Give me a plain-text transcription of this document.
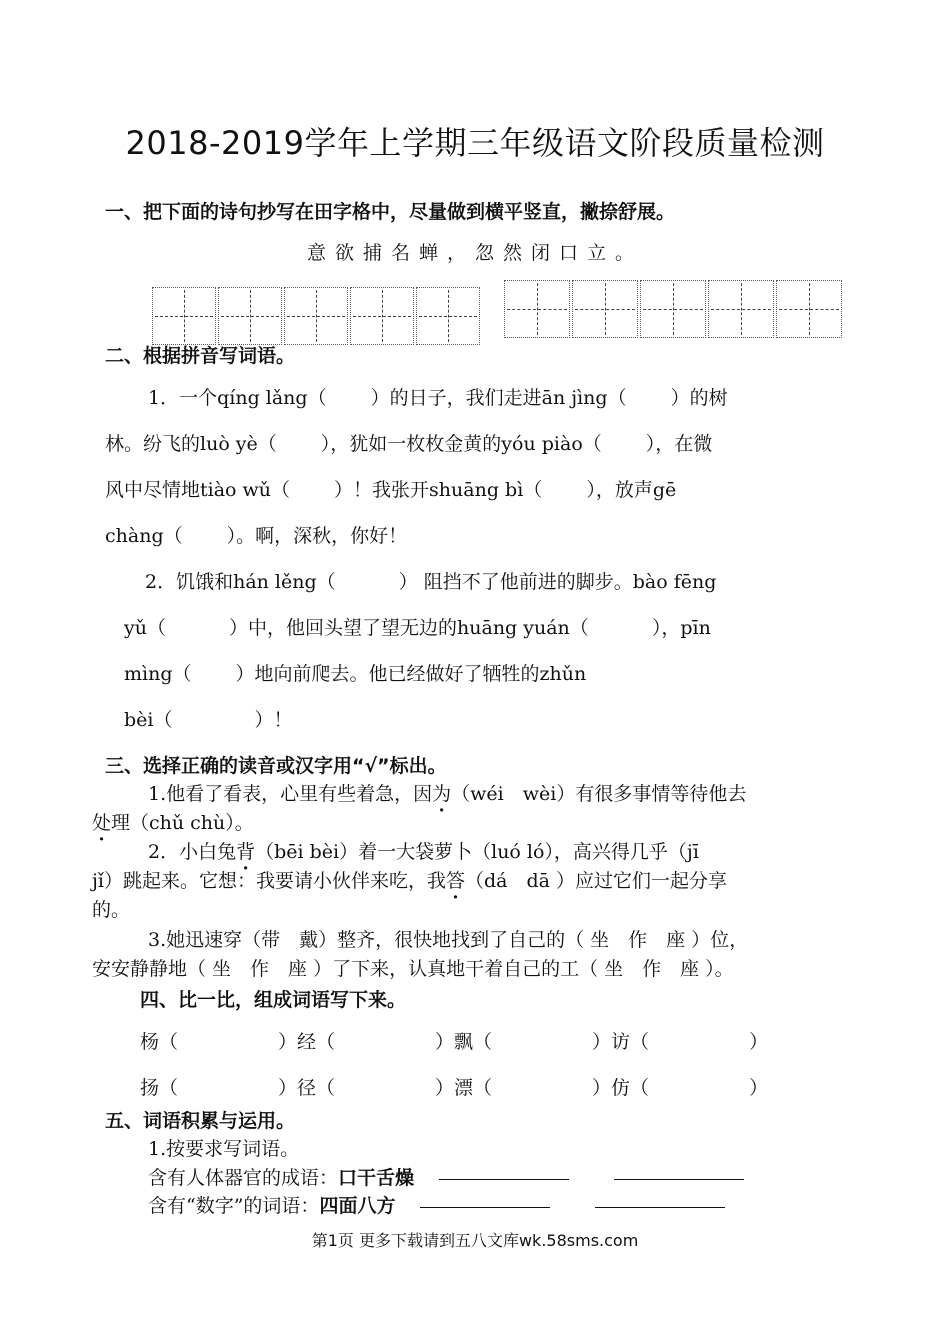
2018-2019学年上学期三年级语文阶段质量检测
一、把下面的诗句抄写在田字格中，尽量做到横平竖直，撇捺舒展。
意欲捕名蝉，忽然闭口立。
二、根据拼音写词语。
1．一个qíng lǎng（　　 ）的日子，我们走进ān jìng（　　 ）的树
林。纷飞的luò yè（　　 ），犹如一枚枚金黄的yóu piào（　　 ），在微
风中尽情地tiào wǔ（　　 ）！我张开shuāng bì（　　 ），放声gē
chàng（　　 ）。啊，深秋，你好！
2．饥饿和hán lěng（　　　 ） 阻挡不了他前进的脚步。bào fēng
yǔ（　　　 ）中，他回头望了望无边的huāng yuán（　　　 ），pīn
mìng（　　 ）地向前爬去。他已经做好了牺牲的zhǔn
bèi（　　　　 ）！
三、选择正确的读音或汉字用“√”标出。
1.他看了看表，心里有些着急，因为（wéi　wèi）有很多事情等待他去
处理（chǔ chù）。
2．小白兔背（bēi bèi）着一大袋萝卜（luó ló），高兴得几乎（jī
jǐ）跳起来。它想：我要请小伙伴来吃，我答（dá　dā ）应过它们一起分享
的。
3.她迅速穿（带　戴）整齐，很快地找到了自己的（ 坐　作　座 ）位，
安安静静地（ 坐　作　座 ）了下来，认真地干着自己的工（ 坐　作　座 ）。
四、比一比，组成词语写下来。
杨（	）经（	）飘（	）访（	）
扬（	）径（	）漂（	）仿（	）
五、词语积累与运用。
1.按要求写词语。
含有人体器官的成语：口干舌燥
含有“数字”的词语：四面八方
第1页 更多下载请到五八文库wk.58sms.com
